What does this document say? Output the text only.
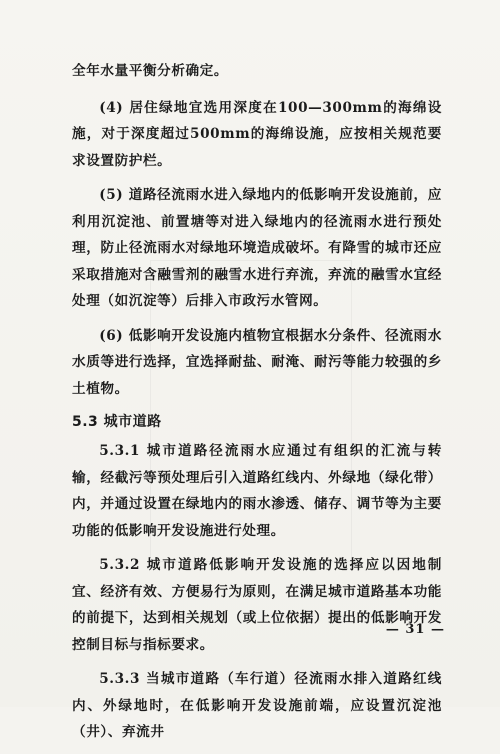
全年水量平衡分析确定。

(4) 居住绿地宜选用深度在100—300mm的海绵设施，对于深度超过500mm的海绵设施，应按相关规范要求设置防护栏。

(5) 道路径流雨水进入绿地内的低影响开发设施前，应利用沉淀池、前置塘等对进入绿地内的径流雨水进行预处理，防止径流雨水对绿地环境造成破坏。有降雪的城市还应采取措施对含融雪剂的融雪水进行弃流，弃流的融雪水宜经处理（如沉淀等）后排入市政污水管网。

(6) 低影响开发设施内植物宜根据水分条件、径流雨水水质等进行选择，宜选择耐盐、耐淹、耐污等能力较强的乡土植物。

5.3 城市道路

5.3.1 城市道路径流雨水应通过有组织的汇流与转输，经截污等预处理后引入道路红线内、外绿地（绿化带）内，并通过设置在绿地内的雨水渗透、储存、调节等为主要功能的低影响开发设施进行处理。

5.3.2 城市道路低影响开发设施的选择应以因地制宜、经济有效、方便易行为原则，在满足城市道路基本功能的前提下，达到相关规划（或上位依据）提出的低影响开发控制目标与指标要求。

5.3.3 当城市道路（车行道）径流雨水排入道路红线内、外绿地时，在低影响开发设施前端，应设置沉淀池（井）、弃流井

— 31 —
